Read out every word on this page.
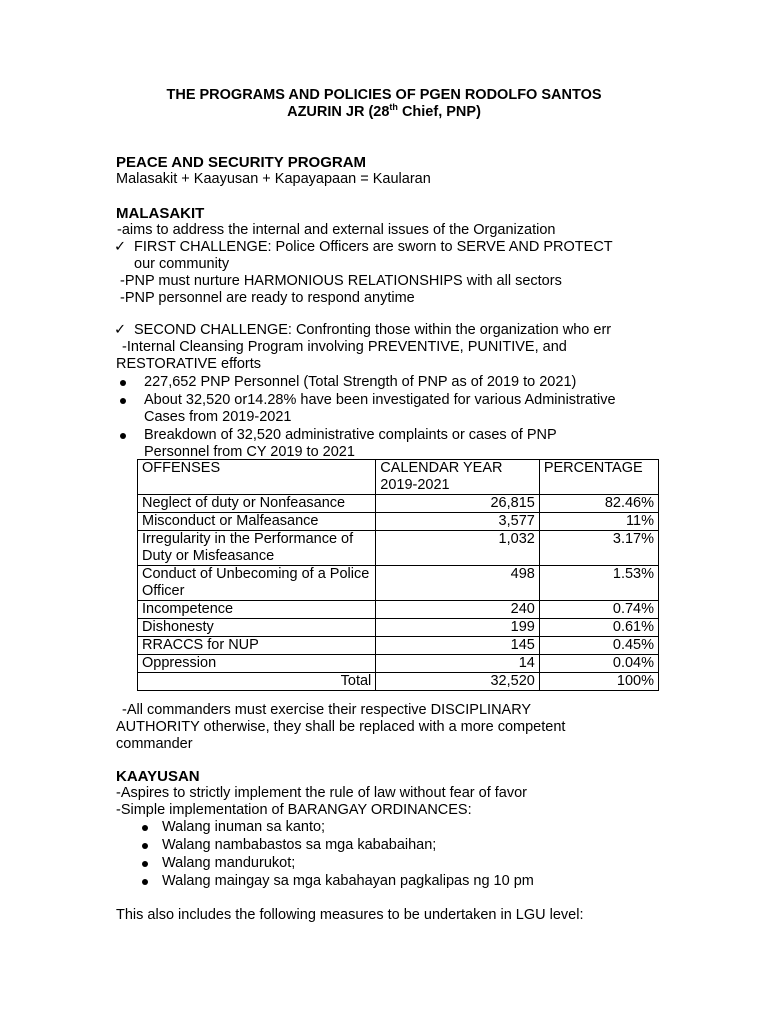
THE PROGRAMS AND POLICIES OF PGEN RODOLFO SANTOS
AZURIN JR (28th Chief, PNP)
PEACE AND SECURITY PROGRAM
Malasakit + Kaayusan + Kapayapaan = Kaularan
MALASAKIT
-aims to address the internal and external issues of the Organization
✓ FIRST CHALLENGE: Police Officers are sworn to SERVE AND PROTECT
our community
-PNP must nurture HARMONIOUS RELATIONSHIPS with all sectors
-PNP personnel are ready to respond anytime
✓ SECOND CHALLENGE: Confronting those within the organization who err
-Internal Cleansing Program involving PREVENTIVE, PUNITIVE, and
RESTORATIVE efforts
227,652 PNP Personnel (Total Strength of PNP as of 2019 to 2021)
About 32,520 or14.28% have been investigated for various Administrative
Cases from 2019-2021
Breakdown of 32,520 administrative complaints or cases of PNP
Personnel from CY 2019 to 2021
OFFENSES	CALENDAR YEAR 2019-2021	PERCENTAGE
Neglect of duty or Nonfeasance	26,815	82.46%
Misconduct or Malfeasance	3,577	11%
Irregularity in the Performance of Duty or Misfeasance	1,032	3.17%
Conduct of Unbecoming of a Police Officer	498	1.53%
Incompetence	240	0.74%
Dishonesty	199	0.61%
RRACCS for NUP	145	0.45%
Oppression	14	0.04%
Total	32,520	100%
-All commanders must exercise their respective DISCIPLINARY
AUTHORITY otherwise, they shall be replaced with a more competent
commander
KAAYUSAN
-Aspires to strictly implement the rule of law without fear of favor
-Simple implementation of BARANGAY ORDINANCES:
Walang inuman sa kanto;
Walang nambabastos sa mga kababaihan;
Walang mandurukot;
Walang maingay sa mga kabahayan pagkalipas ng 10 pm
This also includes the following measures to be undertaken in LGU level:
